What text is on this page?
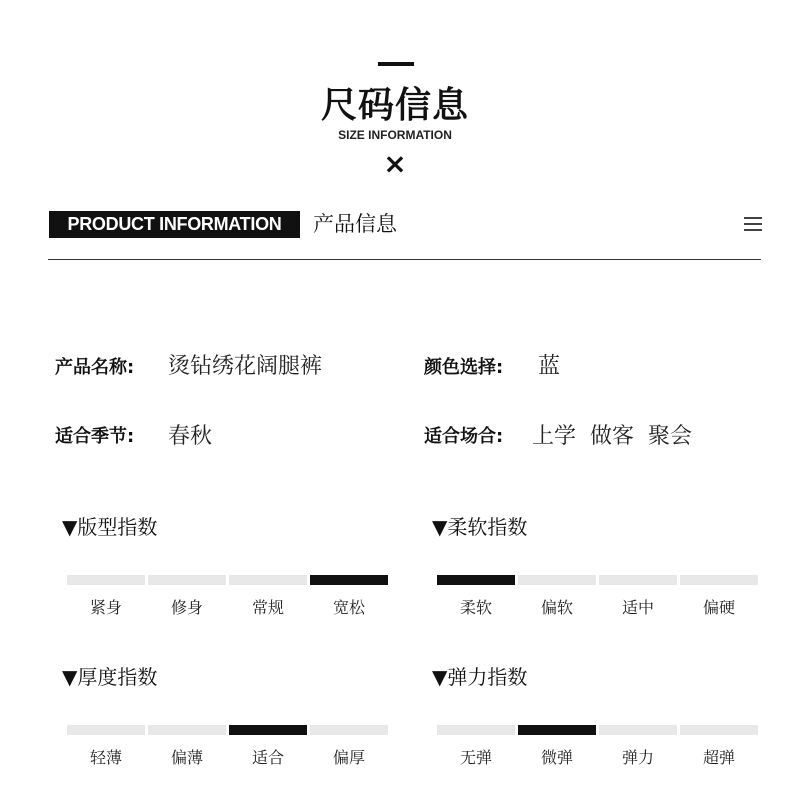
尺码信息
SIZE INFORMATION
×
PRODUCT INFORMATION	产品信息
产品名称: 烫钻绣花阔腿裤	颜色选择: 蓝
适合季节: 春秋	适合场合: 上学  做客  聚会
▼版型指数	▼柔软指数
▼厚度指数	▼弹力指数
紧身	修身	常规	宽松	柔软	偏软	适中	偏硬
轻薄	偏薄	适合	偏厚	无弹	微弹	弹力	超弹
